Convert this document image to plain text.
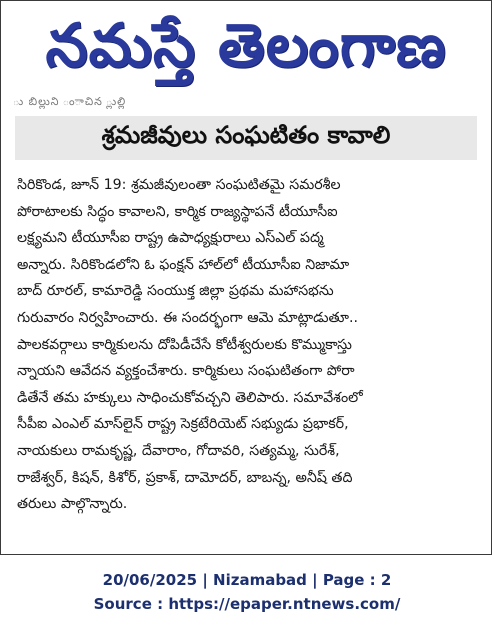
నమస్తే తెలంగాణ
ు బిల్లుని ంాచిన ్లుల్లి
శ్రమజీవులు సంఘటితం కావాలి
సిరికొండ, జూన్ 19: శ్రమజీవులంతా సంఘటితమై సమరశీల
పోరాటాలకు సిద్ధం కావాలని, కార్మిక రాజ్యస్థాపనే టీయూసీఐ
లక్ష్యమని టీయూసీఐ రాష్ట్ర ఉపాధ్యక్షురాలు ఎస్ఎల్ పద్మ
అన్నారు. సిరికొండలోని ఓ ఫంక్షన్ హాల్‌లో టీయూసీఐ నిజామా
బాద్ రూరల్, కామారెడ్డి సంయుక్త జిల్లా ప్రథమ మహాసభను
గురువారం నిర్వహించారు. ఈ సందర్భంగా ఆమె మాట్లాడుతూ..
పాలకవర్గాలు కార్మికులను దోపిడీచేసే కోటీశ్వరులకు కొమ్ముకాస్తు
న్నాయని ఆవేదన వ్యక్తంచేశారు. కార్మికులు సంఘటితంగా పోరా
డితేనే తమ హక్కులు సాధించుకోవచ్చని తెలిపారు. సమావేశంలో
సీపీఐ ఎంఎల్ మాస్‌లైన్ రాష్ట్ర సెక్రటేరియెట్ సభ్యుడు ప్రభాకర్,
నాయకులు రామకృష్ణ, దేవారాం, గోదావరి, సత్యమ్మ, సురేశ్,
రాజేశ్వర్, కిషన్, కిశోర్, ప్రకాశ్, దామోదర్, బాబన్న, అనీష్ తది
తరులు పాల్గొన్నారు.
20/06/2025 | Nizamabad | Page : 2
Source : https://epaper.ntnews.com/
